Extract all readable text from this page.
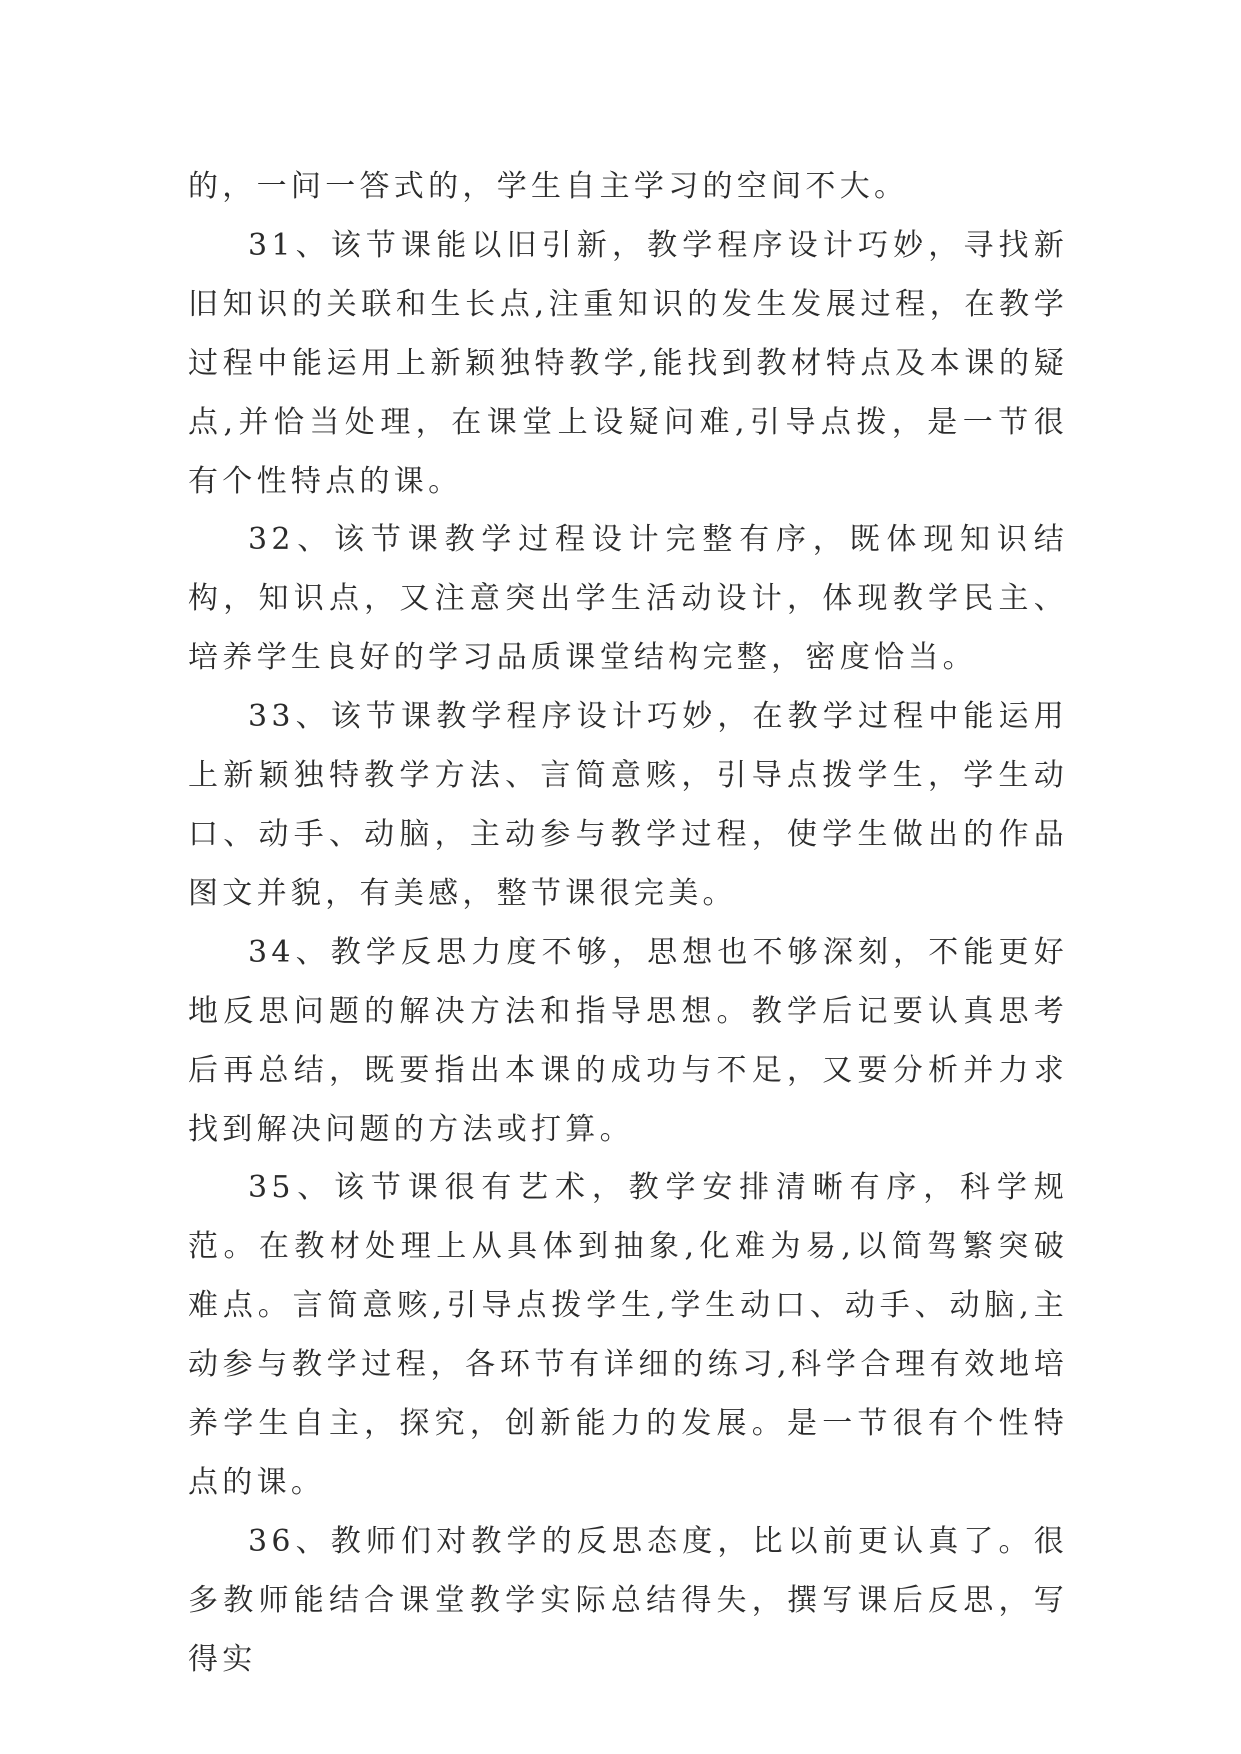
的，一问一答式的，学生自主学习的空间不大。

31、该节课能以旧引新，教学程序设计巧妙，寻找新旧知识的关联和生长点,注重知识的发生发展过程，在教学过程中能运用上新颖独特教学,能找到教材特点及本课的疑点,并恰当处理，在课堂上设疑问难,引导点拨，是一节很有个性特点的课。

32、该节课教学过程设计完整有序，既体现知识结构，知识点，又注意突出学生活动设计，体现教学民主、培养学生良好的学习品质课堂结构完整，密度恰当。

33、该节课教学程序设计巧妙，在教学过程中能运用上新颖独特教学方法、言简意赅，引导点拨学生，学生动口、动手、动脑，主动参与教学过程，使学生做出的作品图文并貌，有美感，整节课很完美。

34、教学反思力度不够，思想也不够深刻，不能更好地反思问题的解决方法和指导思想。教学后记要认真思考后再总结，既要指出本课的成功与不足，又要分析并力求找到解决问题的方法或打算。

35、该节课很有艺术，教学安排清晰有序，科学规范。在教材处理上从具体到抽象,化难为易,以简驾繁突破难点。言简意赅,引导点拨学生,学生动口、动手、动脑,主动参与教学过程，各环节有详细的练习,科学合理有效地培养学生自主，探究，创新能力的发展。是一节很有个性特点的课。

36、教师们对教学的反思态度，比以前更认真了。很多教师能结合课堂教学实际总结得失，撰写课后反思，写得实
